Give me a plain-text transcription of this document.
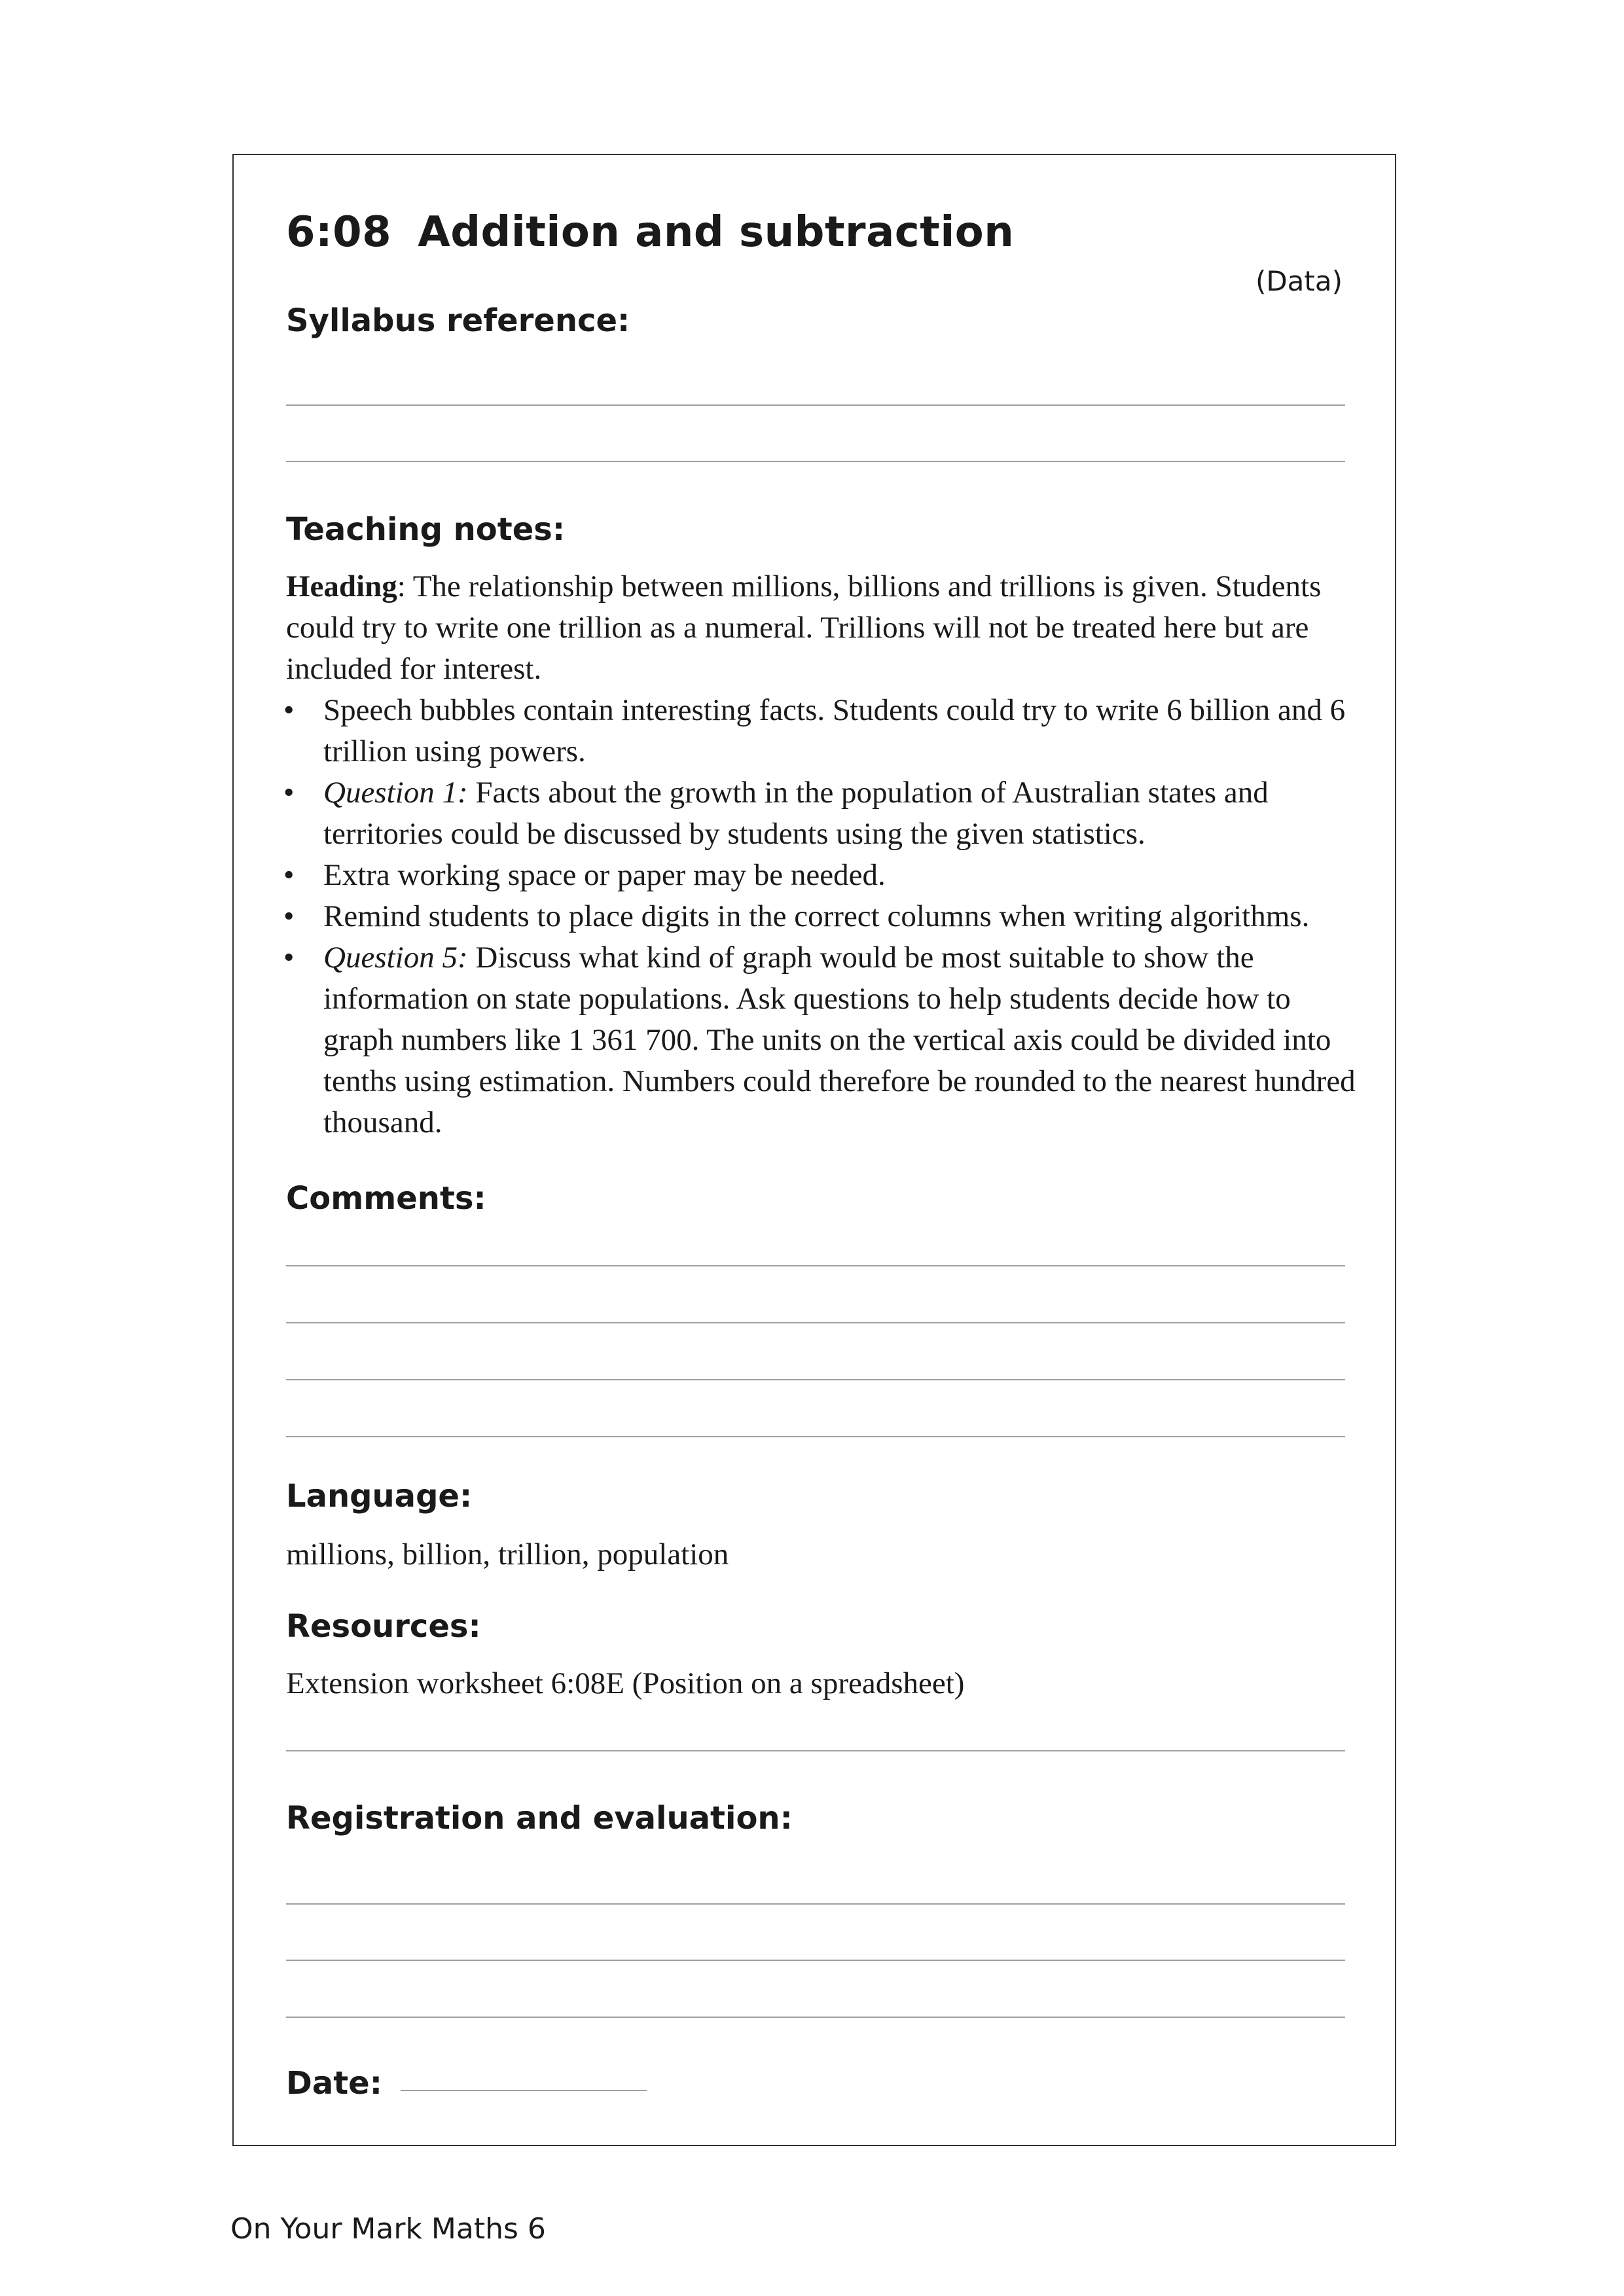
6:08 Addition and subtraction
(Data)
Syllabus reference:
Teaching notes:
Heading: The relationship between millions, billions and trillions is given. Students could try to write one trillion as a numeral. Trillions will not be treated here but are included for interest.
• Speech bubbles contain interesting facts. Students could try to write 6 billion and 6 trillion using powers.
• Question 1: Facts about the growth in the population of Australian states and territories could be discussed by students using the given statistics.
• Extra working space or paper may be needed.
• Remind students to place digits in the correct columns when writing algorithms.
• Question 5: Discuss what kind of graph would be most suitable to show the information on state populations. Ask questions to help students decide how to graph numbers like 1 361 700. The units on the vertical axis could be divided into tenths using estimation. Numbers could therefore be rounded to the nearest hundred thousand.
Comments:
Language:
millions, billion, trillion, population
Resources:
Extension worksheet 6:08E (Position on a spreadsheet)
Registration and evaluation:
Date:
On Your Mark Maths 6
